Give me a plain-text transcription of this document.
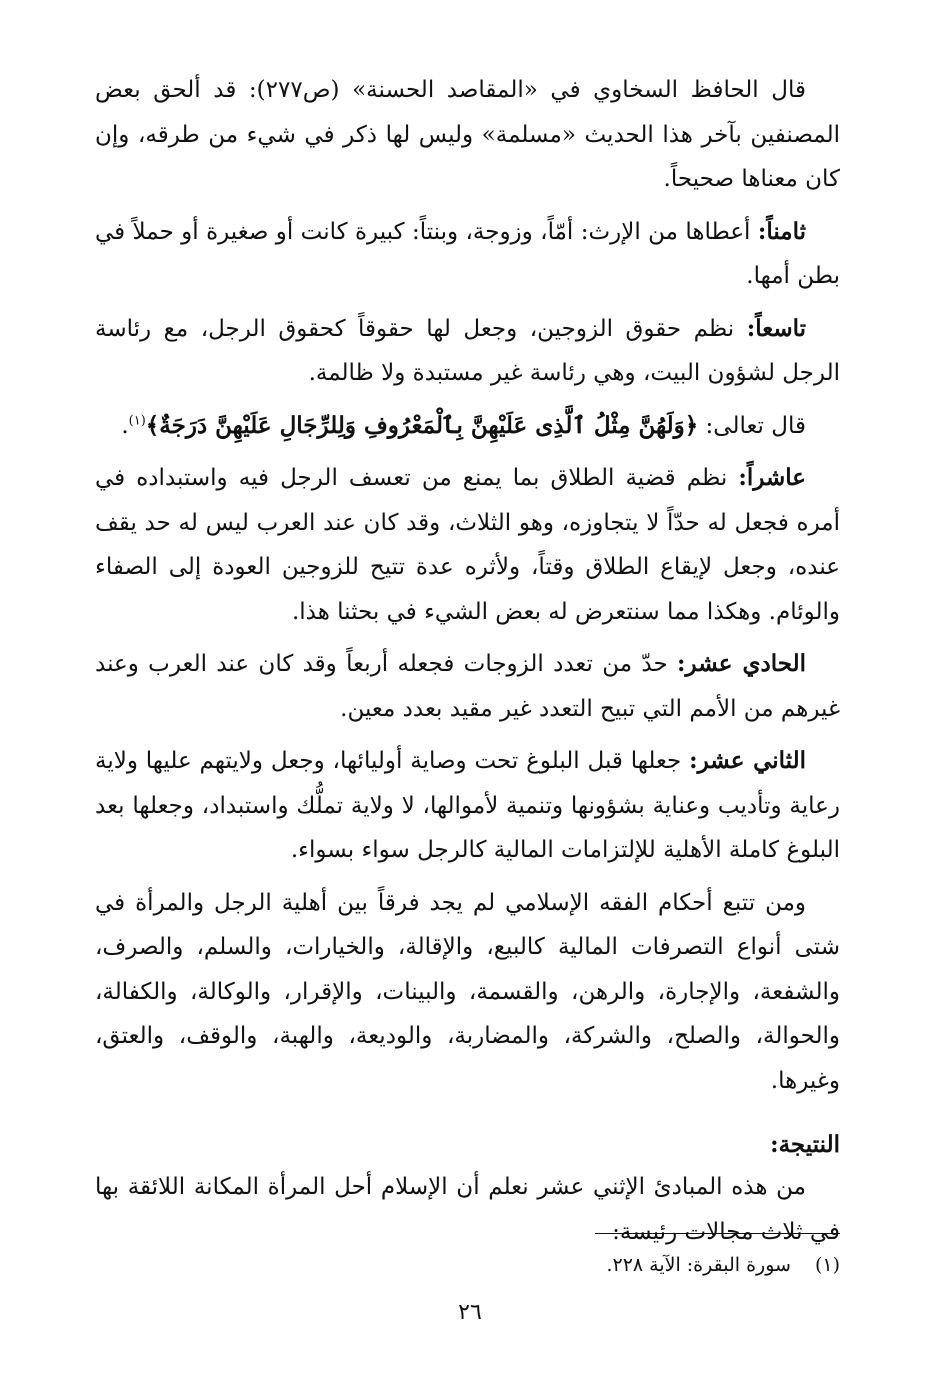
قال الحافظ السخاوي في «المقاصد الحسنة» (ص٢٧٧): قد ألحق بعض المصنفين بآخر هذا الحديث «مسلمة» وليس لها ذكر في شيء من طرقه، وإن كان معناها صحيحاً.

ثامناً: أعطاها من الإرث: أمّاً، وزوجة، وبنتاً: كبيرة كانت أو صغيرة أو حملاً في بطن أمها.

تاسعاً: نظم حقوق الزوجين، وجعل لها حقوقاً كحقوق الرجل، مع رئاسة الرجل لشؤون البيت، وهي رئاسة غير مستبدة ولا ظالمة.

قال تعالى: ﴿وَلَهُنَّ مِثْلُ ٱلَّذِى عَلَيْهِنَّ بِٱلْمَعْرُوفِ وَلِلرِّجَالِ عَلَيْهِنَّ دَرَجَةٌ﴾$^{(١)}$.

عاشراً: نظم قضية الطلاق بما يمنع من تعسف الرجل فيه واستبداده في أمره فجعل له حدّاً لا يتجاوزه، وهو الثلاث، وقد كان عند العرب ليس له حد يقف عنده، وجعل لإيقاع الطلاق وقتاً، ولأثره عدة تتيح للزوجين العودة إلى الصفاء والوئام. وهكذا مما سنتعرض له بعض الشيء في بحثنا هذا.

الحادي عشر: حدّ من تعدد الزوجات فجعله أربعاً وقد كان عند العرب وعند غيرهم من الأمم التي تبيح التعدد غير مقيد بعدد معين.

الثاني عشر: جعلها قبل البلوغ تحت وصاية أوليائها، وجعل ولايتهم عليها ولاية رعاية وتأديب وعناية بشؤونها وتنمية لأموالها، لا ولاية تملُّك واستبداد، وجعلها بعد البلوغ كاملة الأهلية للإلتزامات المالية كالرجل سواء بسواء.

ومن تتبع أحكام الفقه الإسلامي لم يجد فرقاً بين أهلية الرجل والمرأة في شتى أنواع التصرفات المالية كالبيع، والإقالة، والخيارات، والسلم، والصرف، والشفعة، والإجارة، والرهن، والقسمة، والبينات، والإقرار، والوكالة، والكفالة، والحوالة، والصلح، والشركة، والمضاربة، والوديعة، والهبة، والوقف، والعتق، وغيرها.

النتيجة:

من هذه المبادئ الإثني عشر نعلم أن الإسلام أحل المرأة المكانة اللائقة بها في ثلاث مجالات رئيسة:

(١)سورة البقرة: الآية ٢٢٨.
٢٦
